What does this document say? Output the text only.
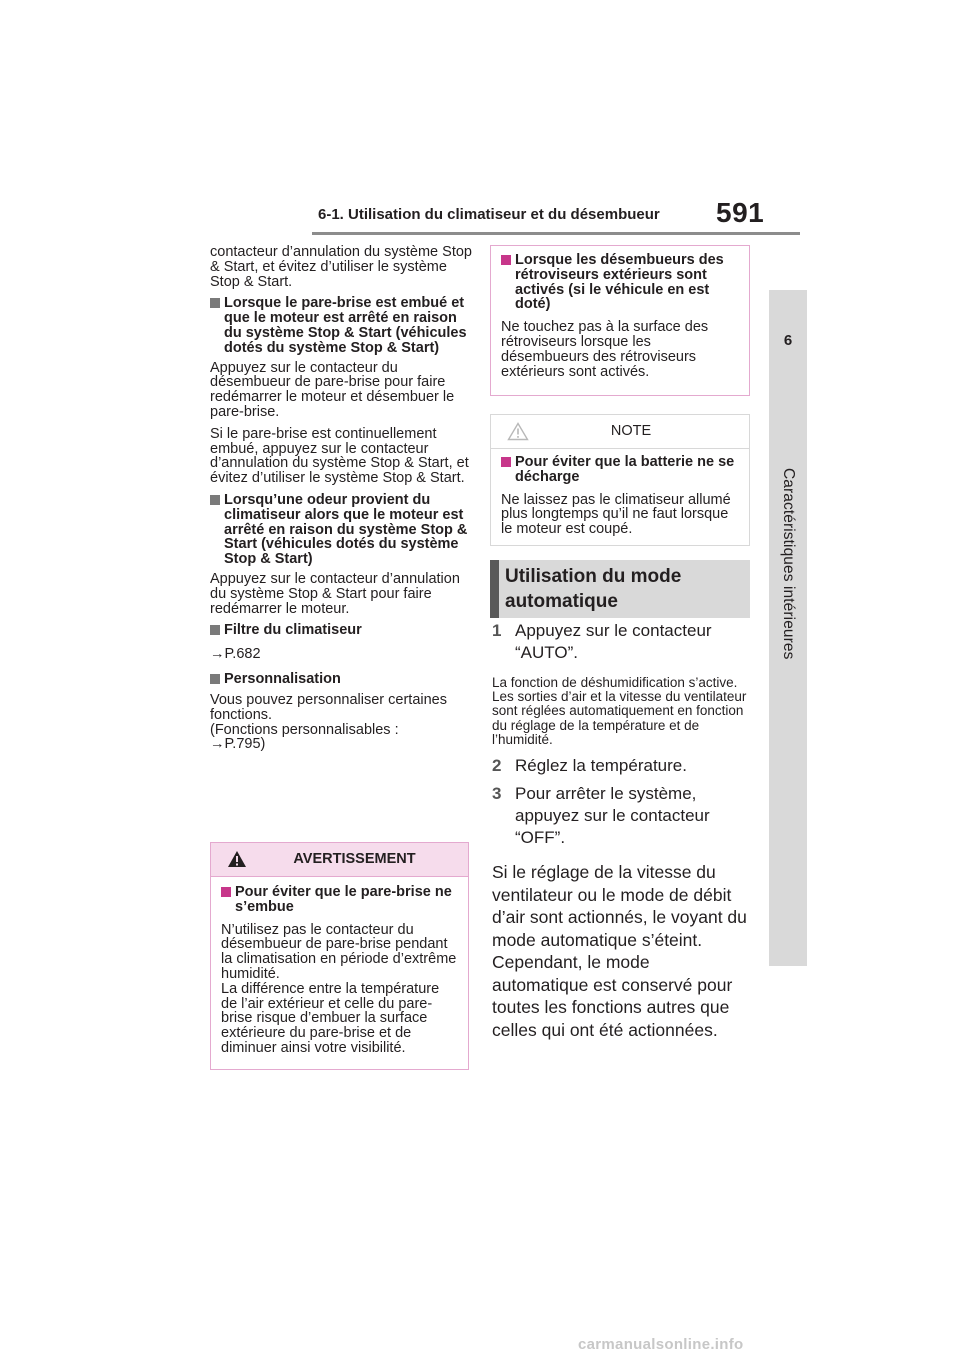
6-1. Utilisation du climatiseur et du désembueur 591
6
Caractéristiques intérieures

contacteur d’annulation du système Stop & Start, et évitez d’utiliser le système Stop & Start.

Lorsque le pare-brise est embué et que le moteur est arrêté en raison du système Stop & Start (véhicules dotés du système Stop & Start)

Appuyez sur le contacteur du désembueur de pare-brise pour faire redémarrer le moteur et désembuer le pare-brise.

Si le pare-brise est continuellement embué, appuyez sur le contacteur d’annulation du système Stop & Start, et évitez d’utiliser le système Stop & Start.

Lorsqu’une odeur provient du climatiseur alors que le moteur est arrêté en raison du système Stop & Start (véhicules dotés du système Stop & Start)

Appuyez sur le contacteur d’annulation du système Stop & Start pour faire redémarrer le moteur.

Filtre du climatiseur

→P.682

Personnalisation

Vous pouvez personnaliser certaines fonctions.

(Fonctions personnalisables :

→P.795)

AVERTISSEMENT
Pour éviter que le pare-brise ne s’embue

N’utilisez pas le contacteur du désembueur de pare-brise pendant la climatisation en période d’extrême humidité.

La différence entre la température de l’air extérieur et celle du pare-brise risque d’embuer la surface extérieure du pare-brise et de diminuer ainsi votre visibilité.

Lorsque les désembueurs des rétroviseurs extérieurs sont activés (si le véhicule en est doté)

Ne touchez pas à la surface des rétroviseurs lorsque les désembueurs des rétroviseurs extérieurs sont activés.

NOTE
Pour éviter que la batterie ne se décharge

Ne laissez pas le climatiseur allumé plus longtemps qu’il ne faut lorsque le moteur est coupé.

Utilisation du mode automatique
1 Appuyez sur le contacteur “AUTO”.

La fonction de déshumidification s’active. Les sorties d’air et la vitesse du ventilateur sont réglées automatiquement en fonction du réglage de la température et de l’humidité.

2 Réglez la température.
3 Pour arrêter le système, appuyez sur le contacteur “OFF”.

Si le réglage de la vitesse du ventilateur ou le mode de débit d’air sont actionnés, le voyant du mode automatique s’éteint. Cependant, le mode automatique est conservé pour toutes les fonctions autres que celles qui ont été actionnées.

carmanualsonline.info
